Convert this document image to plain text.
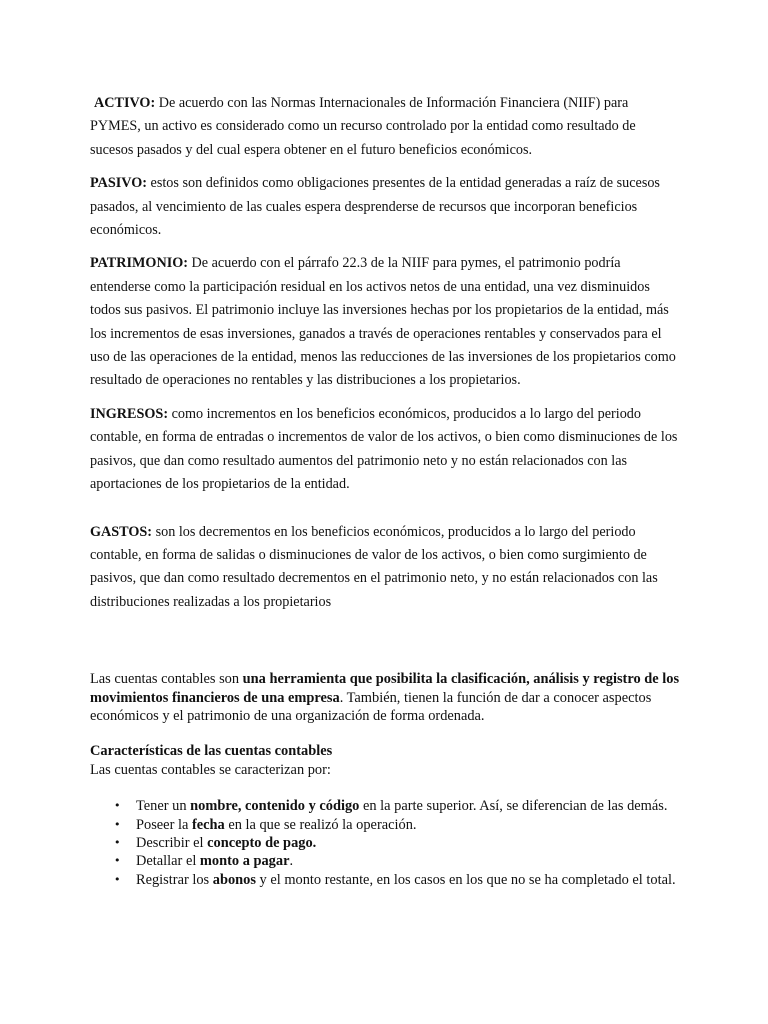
ACTIVO: De acuerdo con las Normas Internacionales de Información Financiera (NIIF) para PYMES, un activo es considerado como un recurso controlado por la entidad como resultado de sucesos pasados y del cual espera obtener en el futuro beneficios económicos.

PASIVO: estos son definidos como obligaciones presentes de la entidad generadas a raíz de sucesos pasados, al vencimiento de las cuales espera desprenderse de recursos que incorporan beneficios económicos.

PATRIMONIO: De acuerdo con el párrafo 22.3 de la NIIF para pymes, el patrimonio podría entenderse como la participación residual en los activos netos de una entidad, una vez disminuidos todos sus pasivos. El patrimonio incluye las inversiones hechas por los propietarios de la entidad, más los incrementos de esas inversiones, ganados a través de operaciones rentables y conservados para el uso de las operaciones de la entidad, menos las reducciones de las inversiones de los propietarios como resultado de operaciones no rentables y las distribuciones a los propietarios.

INGRESOS: como incrementos en los beneficios económicos, producidos a lo largo del periodo contable, en forma de entradas o incrementos de valor de los activos, o bien como disminuciones de los pasivos, que dan como resultado aumentos del patrimonio neto y no están relacionados con las aportaciones de los propietarios de la entidad.

GASTOS: son los decrementos en los beneficios económicos, producidos a lo largo del periodo contable, en forma de salidas o disminuciones de valor de los activos, o bien como surgimiento de pasivos, que dan como resultado decrementos en el patrimonio neto, y no están relacionados con las distribuciones realizadas a los propietarios

Las cuentas contables son una herramienta que posibilita la clasificación, análisis y registro de los movimientos financieros de una empresa. También, tienen la función de dar a conocer aspectos económicos y el patrimonio de una organización de forma ordenada.

Características de las cuentas contables

Las cuentas contables se caracterizan por:

• Tener un nombre, contenido y código en la parte superior. Así, se diferencian de las demás.
• Poseer la fecha en la que se realizó la operación.
• Describir el concepto de pago.
• Detallar el monto a pagar.
• Registrar los abonos y el monto restante, en los casos en los que no se ha completado el total.
